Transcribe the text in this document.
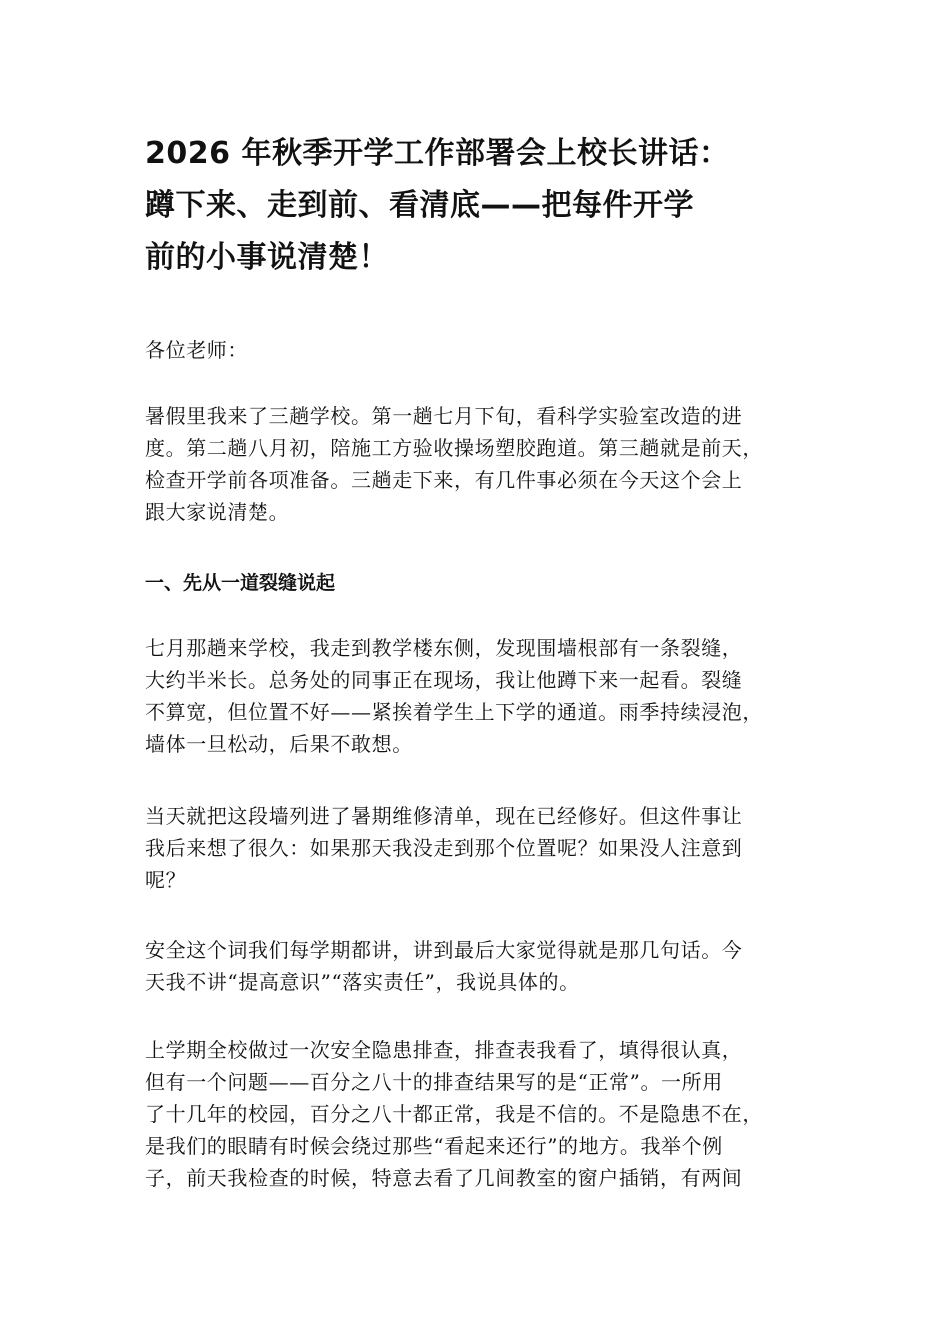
2026 年秋季开学工作部署会上校长讲话：
蹲下来、走到前、看清底——把每件开学
前的小事说清楚！

各位老师：

暑假里我来了三趟学校。第一趟七月下旬，看科学实验室改造的进
度。第二趟八月初，陪施工方验收操场塑胶跑道。第三趟就是前天，
检查开学前各项准备。三趟走下来，有几件事必须在今天这个会上
跟大家说清楚。

一、先从一道裂缝说起

七月那趟来学校，我走到教学楼东侧，发现围墙根部有一条裂缝，
大约半米长。总务处的同事正在现场，我让他蹲下来一起看。裂缝
不算宽，但位置不好——紧挨着学生上下学的通道。雨季持续浸泡，
墙体一旦松动，后果不敢想。

当天就把这段墙列进了暑期维修清单，现在已经修好。但这件事让
我后来想了很久：如果那天我没走到那个位置呢？如果没人注意到
呢？

安全这个词我们每学期都讲，讲到最后大家觉得就是那几句话。今
天我不讲“提高意识”“落实责任”，我说具体的。

上学期全校做过一次安全隐患排查，排查表我看了，填得很认真，
但有一个问题——百分之八十的排查结果写的是“正常”。一所用
了十几年的校园，百分之八十都正常，我是不信的。不是隐患不在，
是我们的眼睛有时候会绕过那些“看起来还行”的地方。我举个例
子，前天我检查的时候，特意去看了几间教室的窗户插销，有两间
